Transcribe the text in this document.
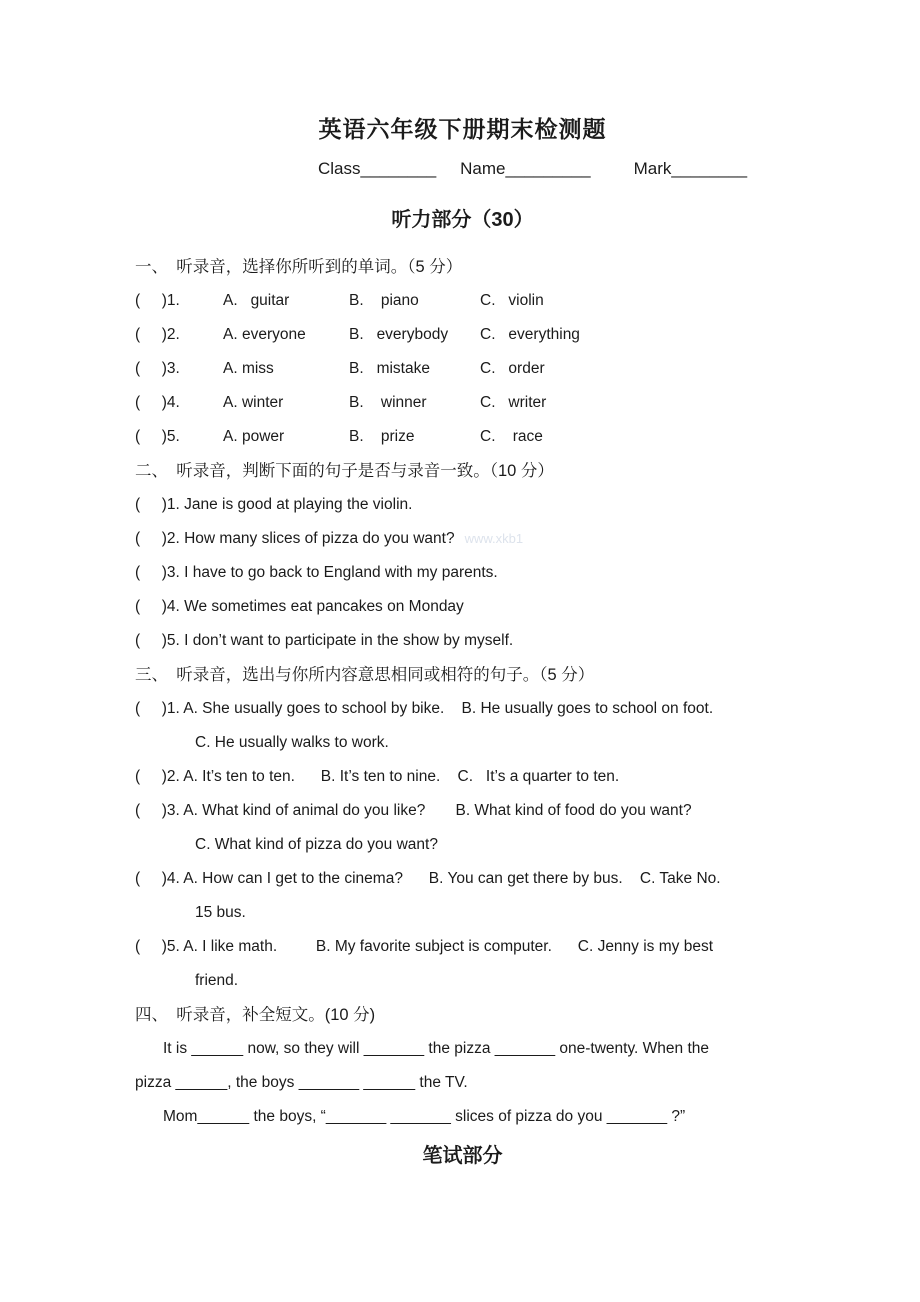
英语六年级下册期末检测题
Class________ Name_________	Mark________
听力部分（30）
一、　听录音，选择你所听到的单词。（5 分）
(     )1.	A.   guitar	B.    piano	C.   violin
(     )2.	A. everyone	B.   everybody	C.   everything
(     )3.	A. miss	B.   mistake	C.   order
(     )4.	A. winter	B.    winner	C.   writer
(     )5.	A. power	B.    prize	C.    race
二、　听录音，判断下面的句子是否与录音一致。（10 分）
(     )1. Jane is good at playing the violin.
(     )2. How many slices of pizza do you want? www.xkb1
(     )3. I have to go back to England with my parents.
(     )4. We sometimes eat pancakes on Monday
(     )5. I don’t want to participate in the show by myself.
三、　听录音，选出与你所内容意思相同或相符的句子。（5 分）
(     )1. A. She usually goes to school by bike.    B. He usually goes to school on foot.
C. He usually walks to work.
(     )2. A. It’s ten to ten.      B. It’s ten to nine.    C.   It’s a quarter to ten.
(     )3. A. What kind of animal do you like?       B. What kind of food do you want?
C. What kind of pizza do you want?
(     )4. A. How can I get to the cinema?      B. You can get there by bus.    C. Take No.
15 bus.
(     )5. A. I like math.         B. My favorite subject is computer.      C. Jenny is my best
friend.
四、　听录音，补全短文。(10 分)
It is ______ now, so they will _______ the pizza _______ one-twenty. When the
pizza ______, the boys _______ ______ the TV.
Mom______ the boys, “_______ _______ slices of pizza do you _______ ?”
笔试部分
